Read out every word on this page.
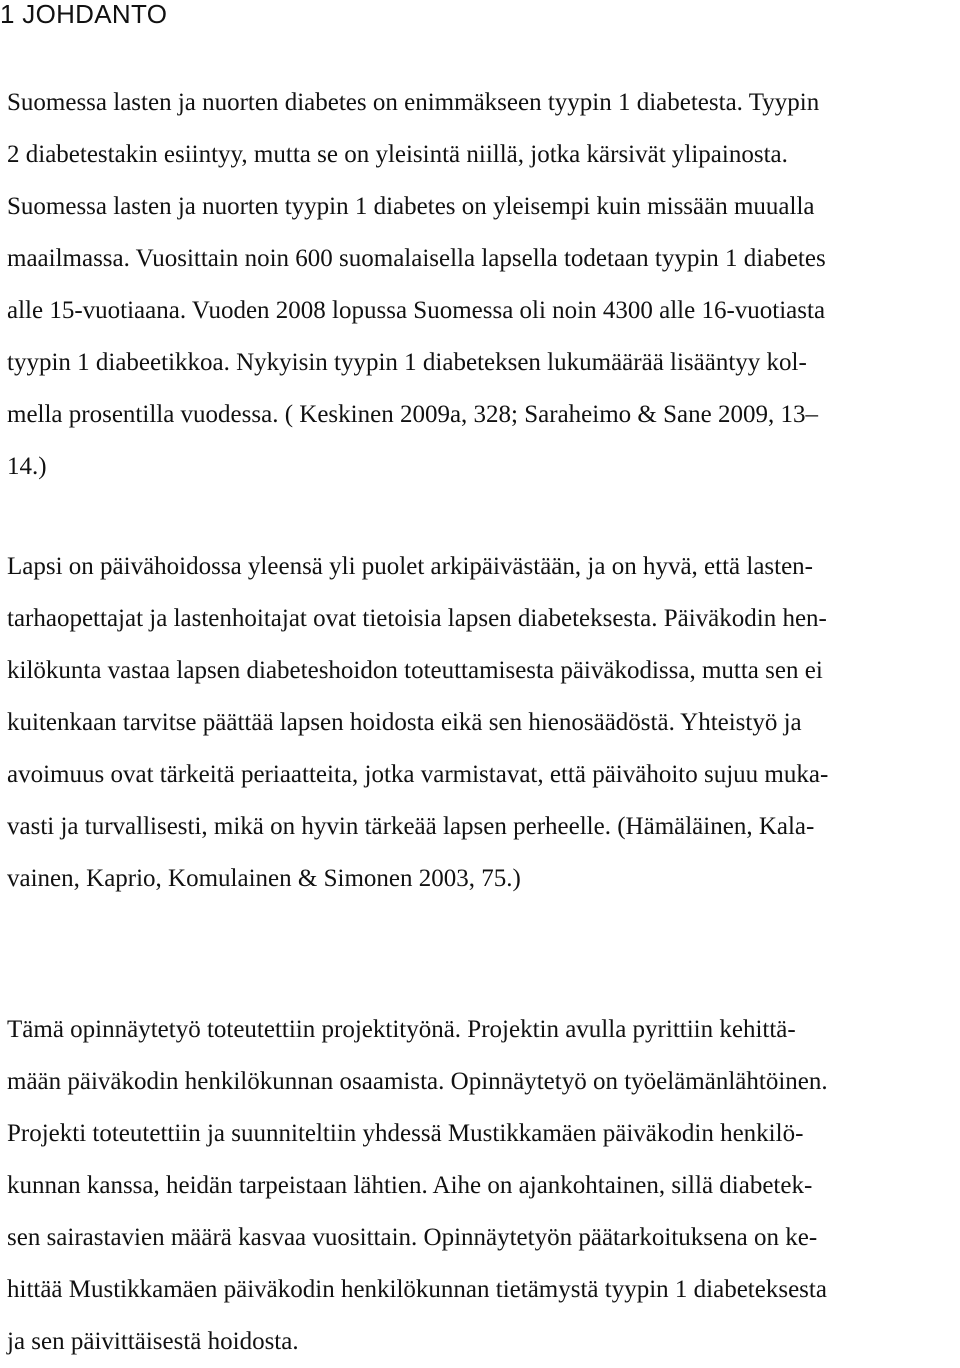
1 JOHDANTO
Suomessa lasten ja nuorten diabetes on enimmäkseen tyypin 1 diabetesta. Tyypin
2 diabetestakin esiintyy, mutta se on yleisintä niillä, jotka kärsivät ylipainosta.
Suomessa lasten ja nuorten tyypin 1 diabetes on yleisempi kuin missään muualla
maailmassa. Vuosittain noin 600 suomalaisella lapsella todetaan tyypin 1 diabetes
alle 15-vuotiaana. Vuoden 2008 lopussa Suomessa oli noin 4300 alle 16-vuotiasta
tyypin 1 diabeetikkoa. Nykyisin tyypin 1 diabeteksen lukumäärää lisääntyy kol-
mella prosentilla vuodessa. ( Keskinen 2009a, 328; Saraheimo & Sane 2009, 13–
14.)
Lapsi on päivähoidossa yleensä yli puolet arkipäivästään, ja on hyvä, että lasten-
tarhaopettajat ja lastenhoitajat ovat tietoisia lapsen diabeteksesta. Päiväkodin hen-
kilökunta vastaa lapsen diabeteshoidon toteuttamisesta päiväkodissa, mutta sen ei
kuitenkaan tarvitse päättää lapsen hoidosta eikä sen hienosäädöstä. Yhteistyö ja
avoimuus ovat tärkeitä periaatteita, jotka varmistavat, että päivähoito sujuu muka-
vasti ja turvallisesti, mikä on hyvin tärkeää lapsen perheelle. (Hämäläinen, Kala-
vainen, Kaprio, Komulainen & Simonen 2003, 75.)
Tämä opinnäytetyö toteutettiin projektityönä. Projektin avulla pyrittiin kehittä-
mään päiväkodin henkilökunnan osaamista. Opinnäytetyö on työelämänlähtöinen.
Projekti toteutettiin ja suunniteltiin yhdessä Mustikkamäen päiväkodin henkilö-
kunnan kanssa, heidän tarpeistaan lähtien. Aihe on ajankohtainen, sillä diabetek-
sen sairastavien määrä kasvaa vuosittain. Opinnäytetyön päätarkoituksena on ke-
hittää Mustikkamäen päiväkodin henkilökunnan tietämystä tyypin 1 diabeteksesta
ja sen päivittäisestä hoidosta.
